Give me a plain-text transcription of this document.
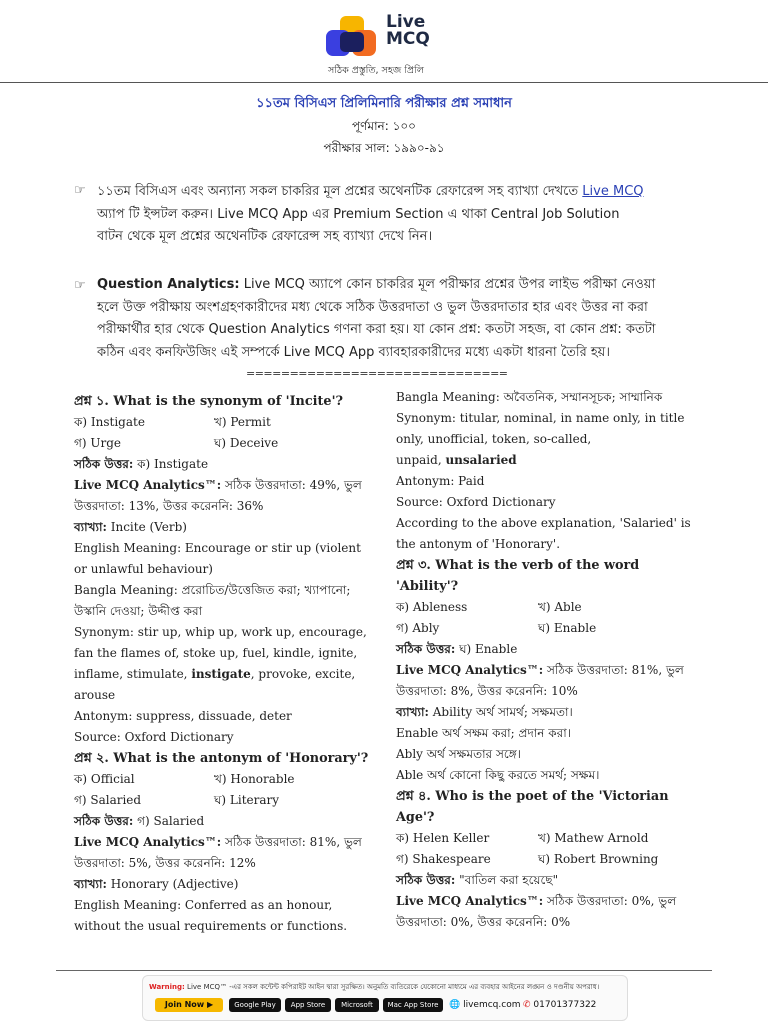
Live
MCQ
সঠিক প্রস্তুতি, সহজ প্রিলি
১১তম বিসিএস প্রিলিমিনারি পরীক্ষার প্রশ্ন সমাধান
পূর্ণমান: ১০০
পরীক্ষার সাল: ১৯৯০-৯১
☞ ১১তম বিসিএস এবং অন্যান্য সকল চাকরির মূল প্রশ্নের অথেনটিক রেফারেন্স সহ ব্যাখ্যা দেখতে Live MCQ
অ্যাপ টি ইন্সটল করুন। Live MCQ App এর Premium Section এ থাকা Central Job Solution
বাটন থেকে মূল প্রশ্নের অথেনটিক রেফারেন্স সহ ব্যাখ্যা দেখে নিন।
☞ Question Analytics: Live MCQ অ্যাপে কোন চাকরির মূল পরীক্ষার প্রশ্নের উপর লাইভ পরীক্ষা নেওয়া
হলে উক্ত পরীক্ষায় অংশগ্রহণকারীদের মধ্য থেকে সঠিক উত্তরদাতা ও ভুল উত্তরদাতার হার এবং উত্তর না করা
পরীক্ষার্থীর হার থেকে Question Analytics গণনা করা হয়। যা কোন প্রশ্ন: কতটা সহজ, বা কোন প্রশ্ন: কতটা
কঠিন এবং কনফিউজিং এই সম্পর্কে Live MCQ App ব্যাবহারকারীদের মধ্যে একটা ধারনা তৈরি হয়।
==============================
প্রশ্ন ১. What is the synonym of 'Incite'?
ক) Instigate	খ) Permit
গ) Urge	ঘ) Deceive
সঠিক উত্তর: ক) Instigate
Live MCQ Analytics™: সঠিক উত্তরদাতা: 49%, ভুল
উত্তরদাতা: 13%, উত্তর করেননি: 36%
ব্যাখ্যা: Incite (Verb)
English Meaning: Encourage or stir up (violent
or unlawful behaviour)
Bangla Meaning: প্ররোচিত/উত্তেজিত করা; খ্যাপানো;
উস্কানি দেওয়া; উদ্দীপ্ত করা
Synonym: stir up, whip up, work up, encourage,
fan the flames of, stoke up, fuel, kindle, ignite,
inflame, stimulate, instigate, provoke, excite,
arouse
Antonym: suppress, dissuade, deter
Source: Oxford Dictionary
প্রশ্ন ২. What is the antonym of 'Honorary'?
ক) Official	খ) Honorable
গ) Salaried	ঘ) Literary
সঠিক উত্তর: গ) Salaried
Live MCQ Analytics™: সঠিক উত্তরদাতা: 81%, ভুল
উত্তরদাতা: 5%, উত্তর করেননি: 12%
ব্যাখ্যা: Honorary (Adjective)
English Meaning: Conferred as an honour,
without the usual requirements or functions.
Bangla Meaning: অবৈতনিক, সম্মানসূচক; সাম্মানিক
Synonym: titular, nominal, in name only, in title
only, unofficial, token, so-called,
unpaid, unsalaried
Antonym: Paid
Source: Oxford Dictionary
According to the above explanation, 'Salaried' is
the antonym of 'Honorary'.
প্রশ্ন ৩. What is the verb of the word
'Ability'?
ক) Ableness	খ) Able
গ) Ably	ঘ) Enable
সঠিক উত্তর: ঘ) Enable
Live MCQ Analytics™: সঠিক উত্তরদাতা: 81%, ভুল
উত্তরদাতা: 8%, উত্তর করেননি: 10%
ব্যাখ্যা: Ability অর্থ সামর্থ; সক্ষমতা।
Enable অর্থ সক্ষম করা; প্রদান করা।
Ably অর্থ সক্ষমতার সঙ্গে।
Able অর্থ কোনো কিছু করতে সমর্থ; সক্ষম।
প্রশ্ন ৪. Who is the poet of the 'Victorian
Age'?
ক) Helen Keller	খ) Mathew Arnold
গ) Shakespeare	ঘ) Robert Browning
সঠিক উত্তর: "বাতিল করা হয়েছে"
Live MCQ Analytics™: সঠিক উত্তরদাতা: 0%, ভুল
উত্তরদাতা: 0%, উত্তর করেননি: 0%
Warning: Live MCQ™ -এর সকল কন্টেন্ট কপিরাইট আইন দ্বারা সুরক্ষিত। অনুমতি ব্যতিরেকে যেকোনো মাধ্যমে এর ব্যবহার আইনের লঙ্ঘন ও দণ্ডনীয় অপরাধ।
Join Now ▶	Google Play	App Store	Microsoft	Mac App Store	🌐 livemcq.com ✆ 01701377322
